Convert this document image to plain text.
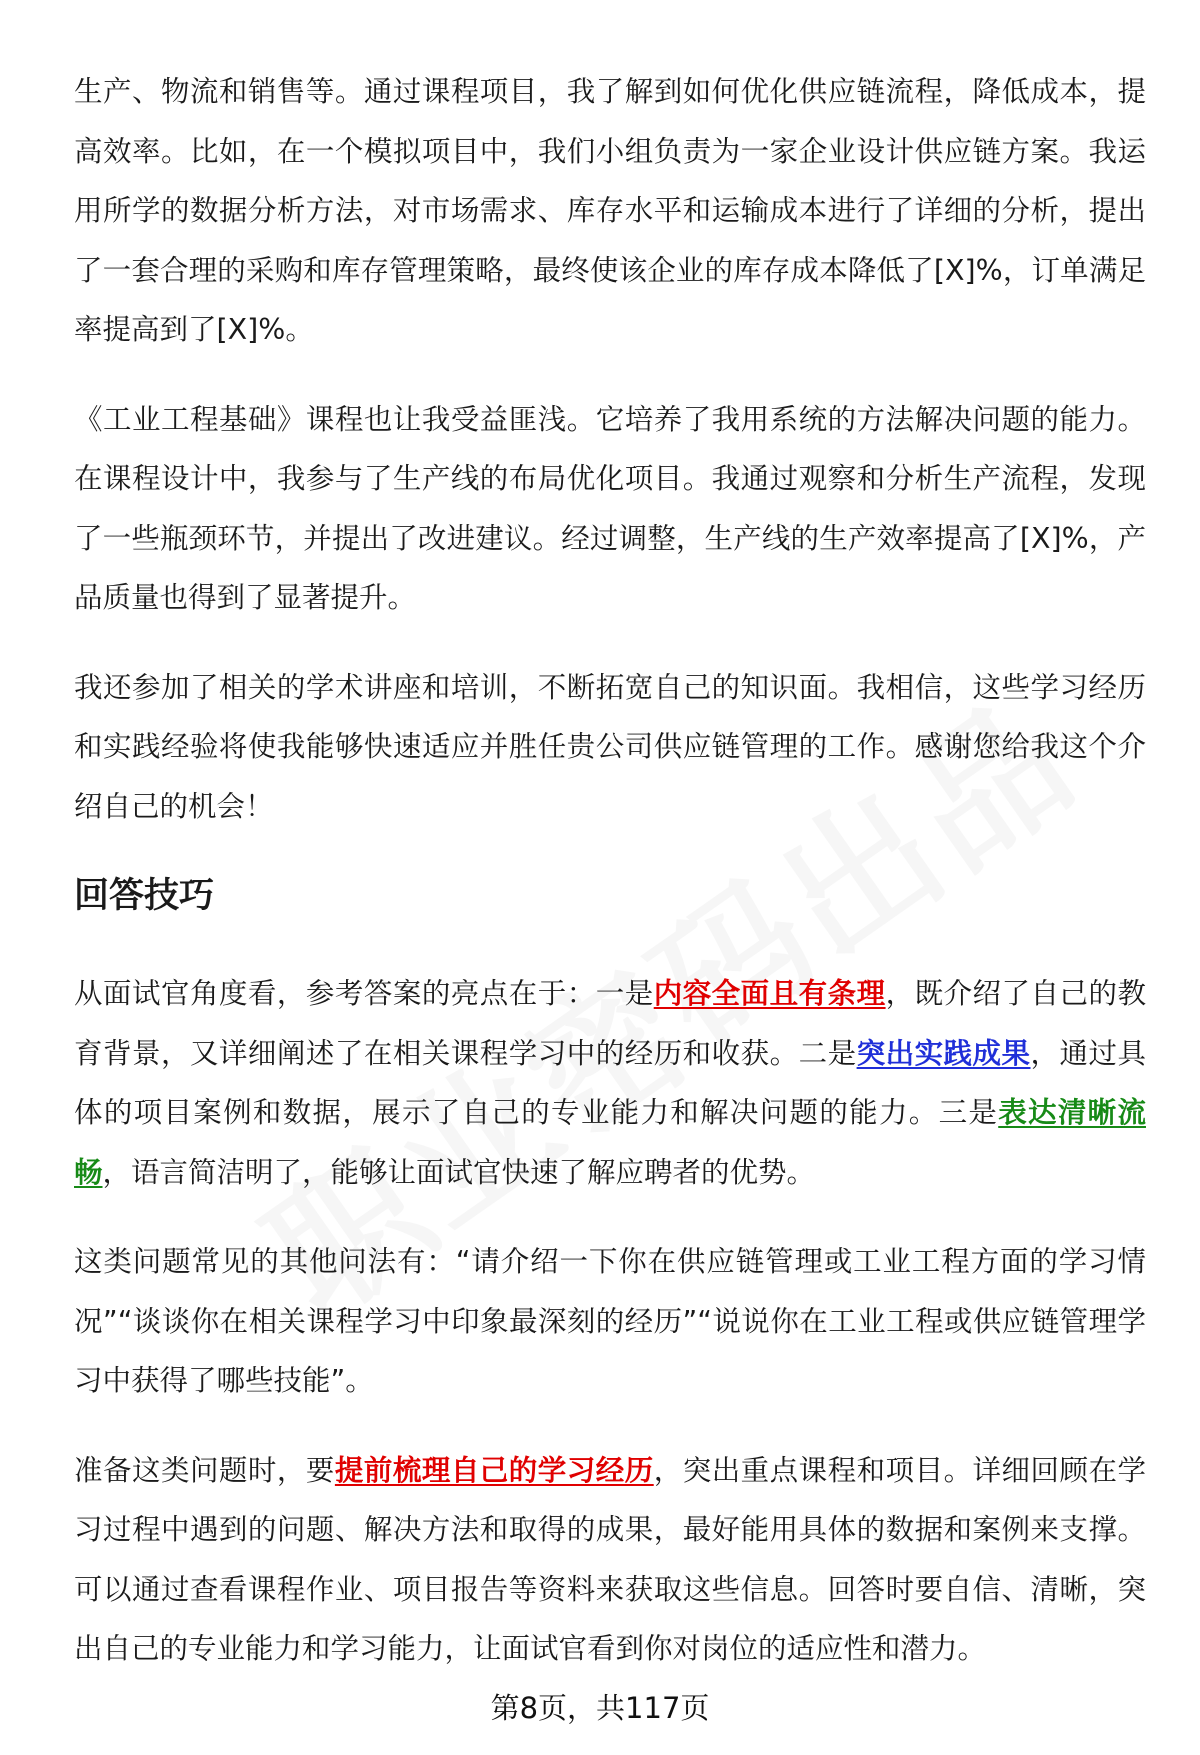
生产、物流和销售等。通过课程项目，我了解到如何优化供应链流程，降低成本，提高效率。比如，在一个模拟项目中，我们小组负责为一家企业设计供应链方案。我运用所学的数据分析方法，对市场需求、库存水平和运输成本进行了详细的分析，提出了一套合理的采购和库存管理策略，最终使该企业的库存成本降低了[X]%，订单满足率提高到了[X]%。

《工业工程基础》课程也让我受益匪浅。它培养了我用系统的方法解决问题的能力。在课程设计中，我参与了生产线的布局优化项目。我通过观察和分析生产流程，发现了一些瓶颈环节，并提出了改进建议。经过调整，生产线的生产效率提高了[X]%，产品质量也得到了显著提升。

我还参加了相关的学术讲座和培训，不断拓宽自己的知识面。我相信，这些学习经历和实践经验将使我能够快速适应并胜任贵公司供应链管理的工作。感谢您给我这个介绍自己的机会！

回答技巧

从面试官角度看，参考答案的亮点在于：一是内容全面且有条理，既介绍了自己的教育背景，又详细阐述了在相关课程学习中的经历和收获。二是突出实践成果，通过具体的项目案例和数据，展示了自己的专业能力和解决问题的能力。三是表达清晰流畅，语言简洁明了，能够让面试官快速了解应聘者的优势。

这类问题常见的其他问法有：“请介绍一下你在供应链管理或工业工程方面的学习情况”“谈谈你在相关课程学习中印象最深刻的经历”“说说你在工业工程或供应链管理学习中获得了哪些技能”。

准备这类问题时，要提前梳理自己的学习经历，突出重点课程和项目。详细回顾在学习过程中遇到的问题、解决方法和取得的成果，最好能用具体的数据和案例来支撑。可以通过查看课程作业、项目报告等资料来获取这些信息。回答时要自信、清晰，突出自己的专业能力和学习能力，让面试官看到你对岗位的适应性和潜力。

第8页，共117页
